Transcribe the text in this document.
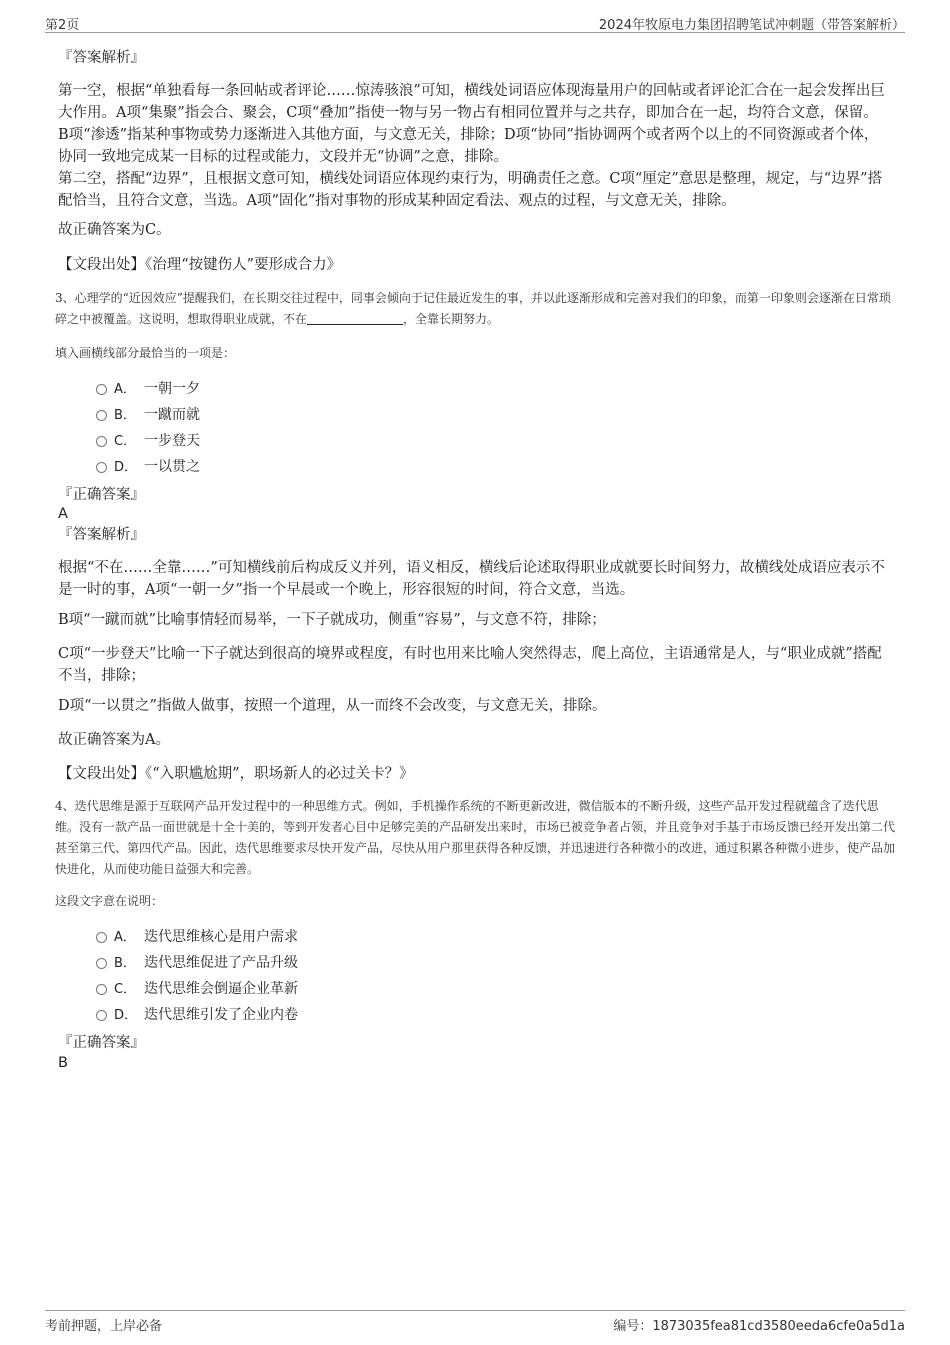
第2页	2024年牧原电力集团招聘笔试冲刺题（带答案解析）
『答案解析』
第一空，根据“单独看每一条回帖或者评论……惊涛骇浪”可知，横线处词语应体现海量用户的回帖或者评论汇合在一起会发挥出巨大作用。A项“集聚”指会合、聚会，C项“叠加”指使一物与另一物占有相同位置并与之共存，即加合在一起，均符合文意，保留。B项“渗透”指某种事物或势力逐渐进入其他方面，与文意无关，排除；D项“协同”指协调两个或者两个以上的不同资源或者个体，协同一致地完成某一目标的过程或能力，文段并无“协调”之意，排除。
第二空，搭配“边界”，且根据文意可知，横线处词语应体现约束行为，明确责任之意。C项“厘定”意思是整理，规定，与“边界”搭配恰当，且符合文意，当选。A项“固化”指对事物的形成某种固定看法、观点的过程，与文意无关，排除。
故正确答案为C。
【文段出处】《治理“按键伤人”要形成合力》
3、心理学的“近因效应”提醒我们，在长期交往过程中，同事会倾向于记住最近发生的事，并以此逐渐形成和完善对我们的印象，而第一印象则会逐渐在日常琐碎之中被覆盖。这说明，想取得职业成就，不在	，全靠长期努力。
填入画横线部分最恰当的一项是：
A． 一朝一夕
B． 一蹴而就
C． 一步登天
D． 一以贯之
『正确答案』
A
『答案解析』
根据“不在……全靠……”可知横线前后构成反义并列，语义相反，横线后论述取得职业成就要长时间努力，故横线处成语应表示不是一时的事，A项“一朝一夕”指一个早晨或一个晚上，形容很短的时间，符合文意，当选。
B项“一蹴而就”比喻事情轻而易举，一下子就成功，侧重“容易”，与文意不符，排除；
C项“一步登天”比喻一下子就达到很高的境界或程度，有时也用来比喻人突然得志，爬上高位，主语通常是人，与“职业成就”搭配不当，排除；
D项“一以贯之”指做人做事，按照一个道理，从一而终不会改变，与文意无关，排除。
故正确答案为A。
【文段出处】《“入职尴尬期”，职场新人的必过关卡？》
4、迭代思维是源于互联网产品开发过程中的一种思维方式。例如，手机操作系统的不断更新改进，微信版本的不断升级，这些产品开发过程就蕴含了迭代思维。没有一款产品一面世就是十全十美的，等到开发者心目中足够完美的产品研发出来时，市场已被竞争者占领，并且竞争对手基于市场反馈已经开发出第二代甚至第三代、第四代产品。因此，迭代思维要求尽快开发产品，尽快从用户那里获得各种反馈，并迅速进行各种微小的改进，通过积累各种微小进步，使产品加快进化，从而使功能日益强大和完善。
这段文字意在说明：
A． 迭代思维核心是用户需求
B． 迭代思维促进了产品升级
C． 迭代思维会倒逼企业革新
D． 迭代思维引发了企业内卷
『正确答案』
B
考前押题，上岸必备	编号：1873035fea81cd3580eeda6cfe0a5d1a
